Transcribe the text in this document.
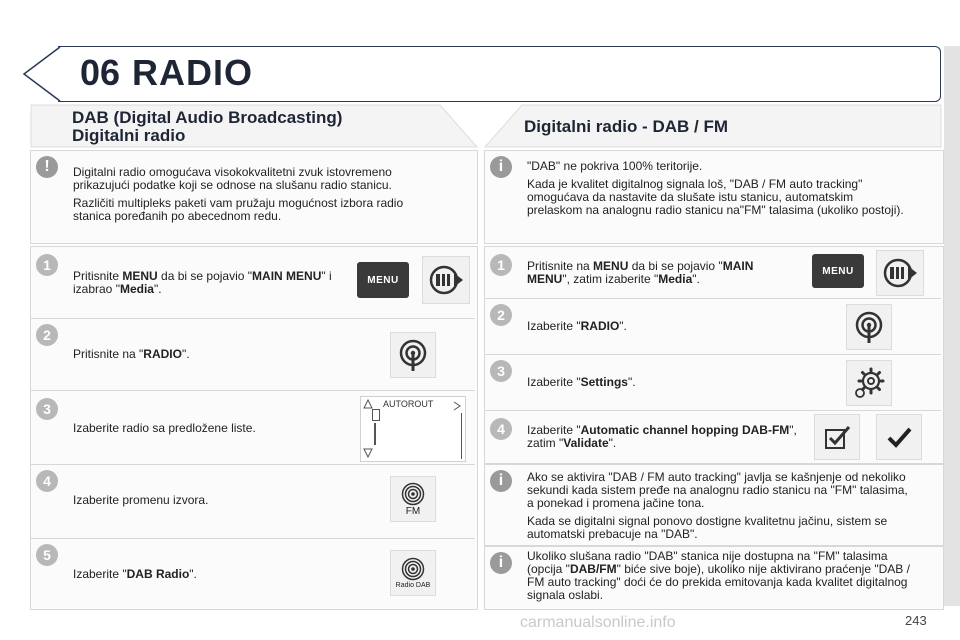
06 RADIO
DAB (Digital Audio Broadcasting)
Digitalni radio
!	Digitalni radio omogućava visokokvalitetni zvuk istovremeno prikazujući podatke koji se odnose na slušanu radio stanicu.

Različiti multipleks paketi vam pružaju mogućnost izbora radio stanica poređanih po abecednom redu.

1
Pritisnite MENU da bi se pojavio "MAIN MENU" i izabrao "Media".
MENU
2
Pritisnite na "RADIO".
3
Izaberite radio sa predložene liste.
AUTOROUT
4
Izaberite promenu izvora.
FM
5
Izaberite "DAB Radio".
Radio DAB
Digitalni radio - DAB / FM
i	"DAB" ne pokriva 100% teritorije.

Kada je kvalitet digitalnog signala loš, "DAB / FM auto tracking" omogućava da nastavite da slušate istu stanicu, automatskim prelaskom na analognu radio stanicu na"FM" talasima (ukoliko postoji).

1	Pritisnite na MENU da bi se pojavio "MAIN MENU", zatim izaberite "Media".
MENU
2
Izaberite "RADIO".
3
Izaberite "Settings".
4	Izaberite "Automatic channel hopping DAB-FM", zatim "Validate".
i	Ako se aktivira "DAB / FM auto tracking" javlja se kašnjenje od nekoliko sekundi kada sistem pređe na analognu radio stanicu na "FM" talasima, a ponekad i promena jačine tona.

Kada se digitalni signal ponovo dostigne kvalitetnu jačinu, sistem se automatski prebacuje na "DAB".

i	Ukoliko slušana radio "DAB" stanica nije dostupna na "FM" talasima (opcija "DAB/FM" biće sive boje), ukoliko nije aktivirano praćenje "DAB / FM auto tracking" doći će do prekida emitovanja kada kvalitet digitalnog signala oslabi.
carmanualsonline.info	243
